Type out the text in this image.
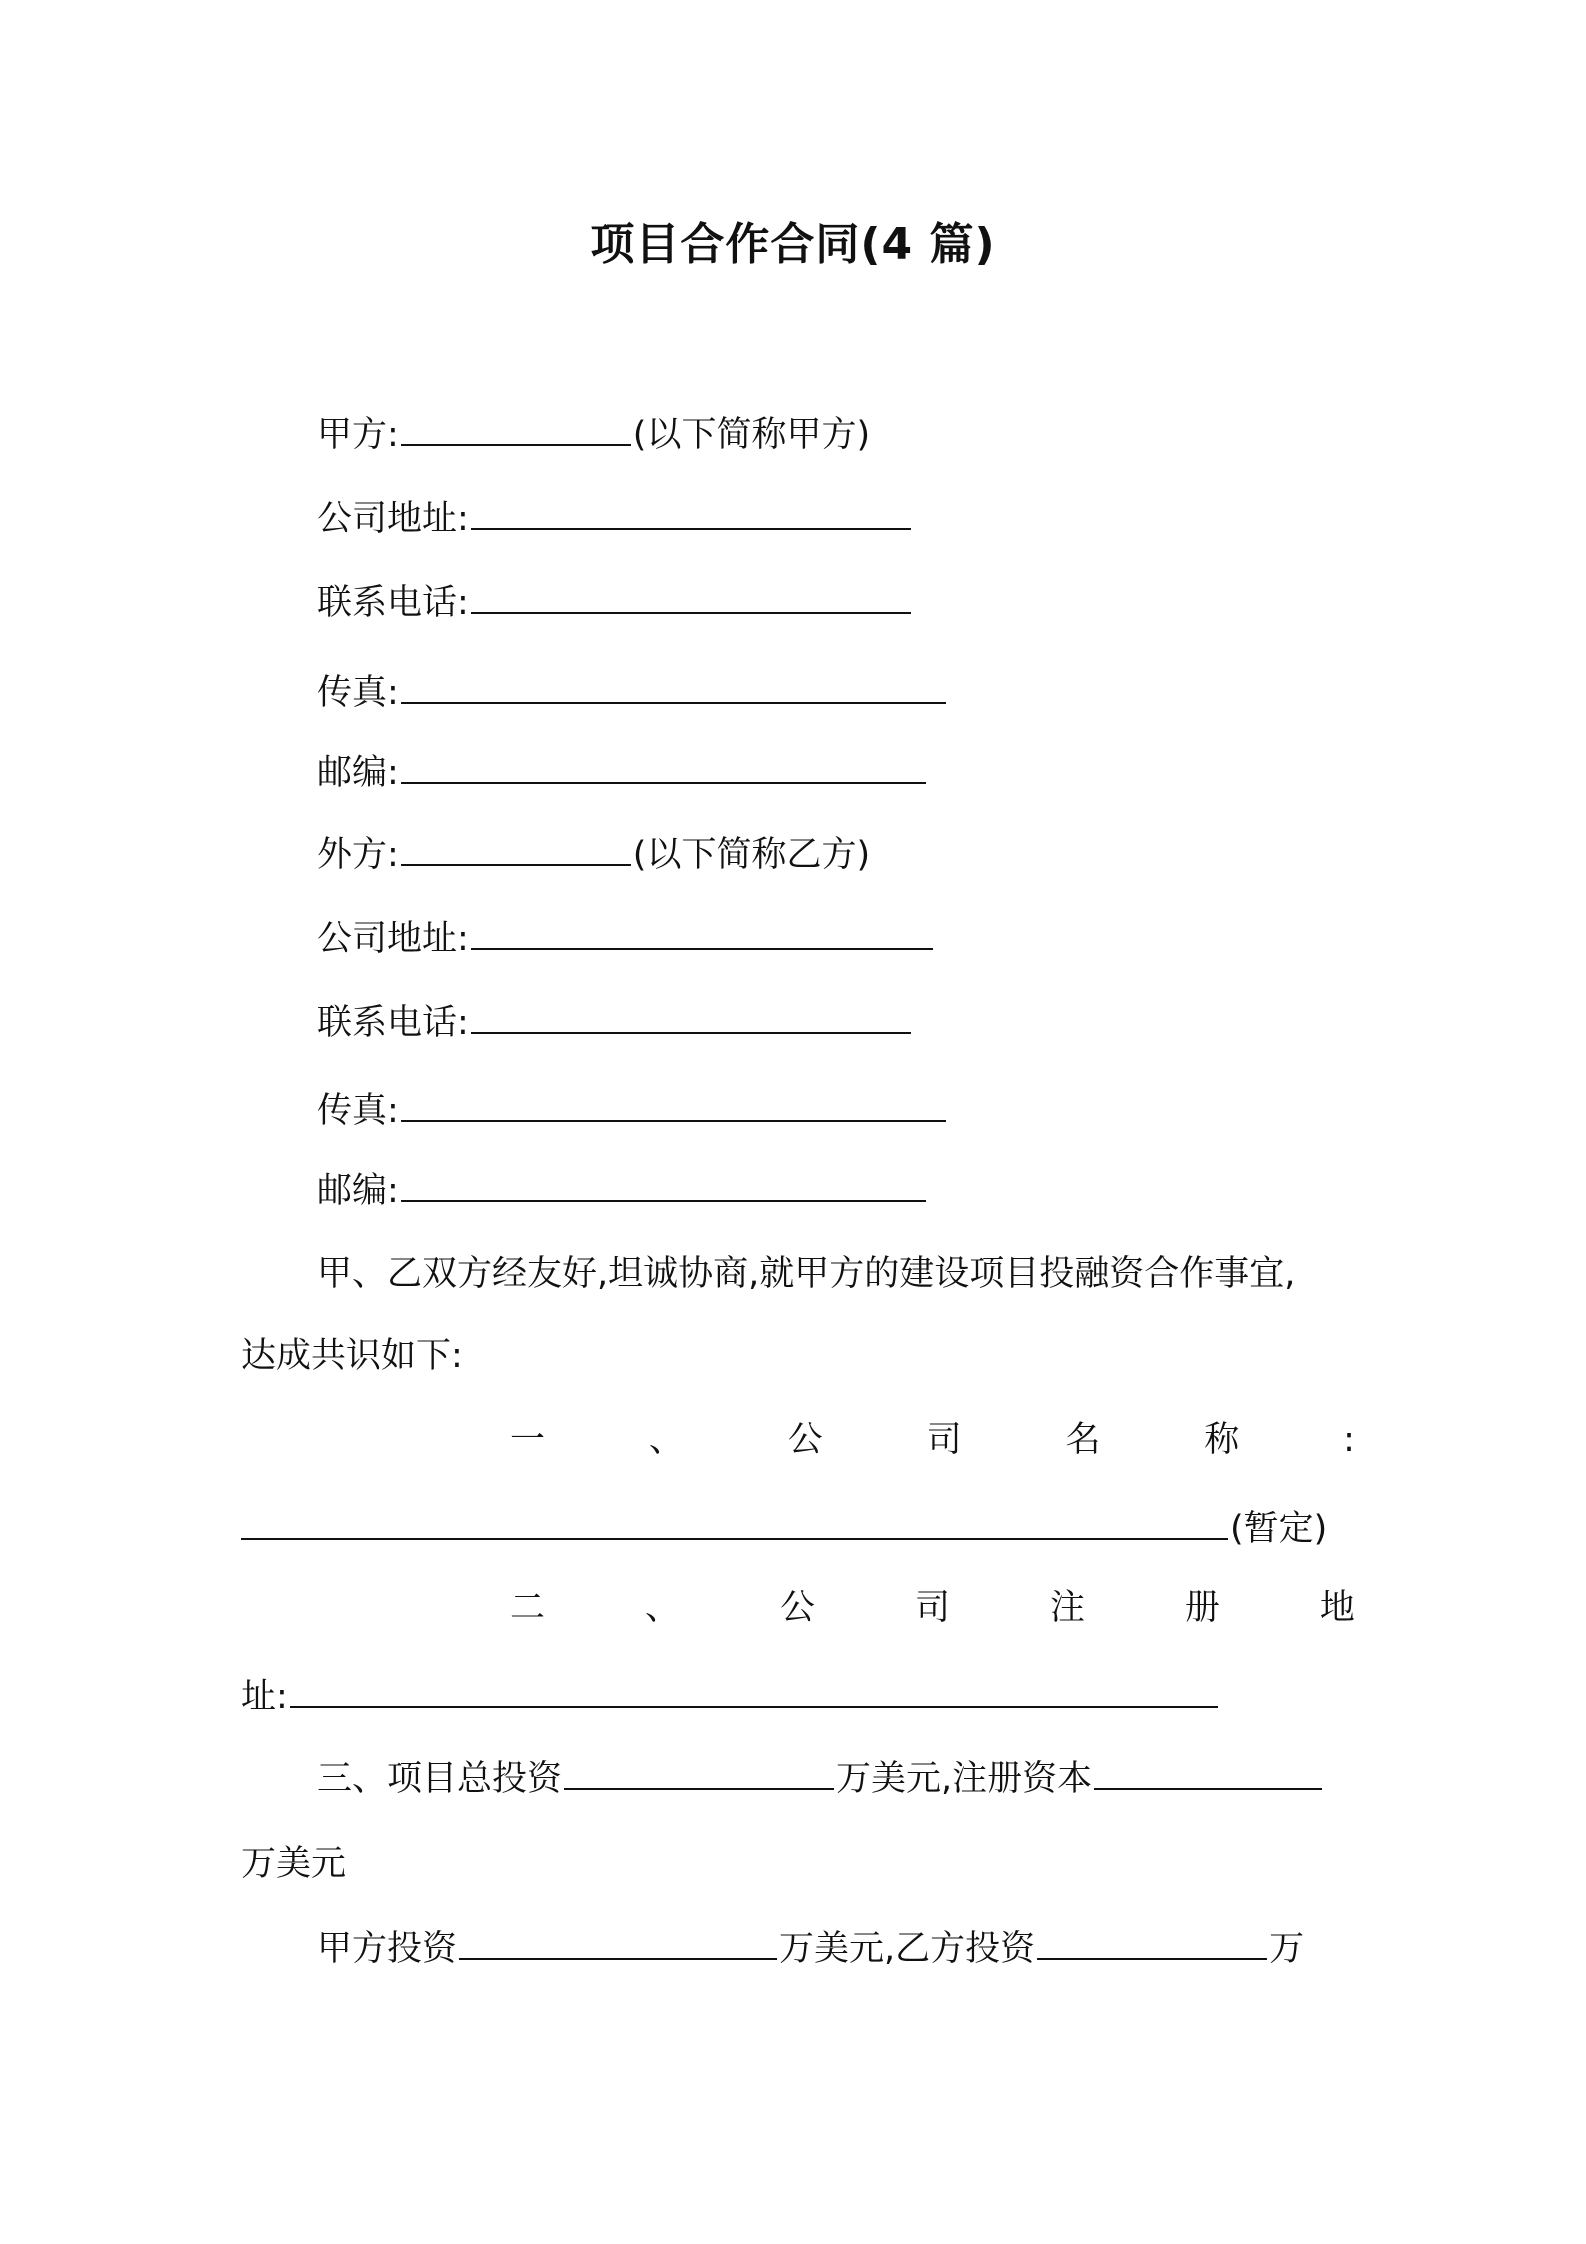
项目合作合同(4 篇)
甲方:	(以下简称甲方)
公司地址:
联系电话:
传真:
邮编:
外方:	(以下简称乙方)
公司地址:
联系电话:
传真:
邮编:
甲、乙双方经友好,坦诚协商,就甲方的建设项目投融资合作事宜,
达成共识如下:
一	、	公	司	名	称	:
(暂定)
二	、	公	司	注	册	地
址:
三、项目总投资	万美元,注册资本
万美元
甲方投资	万美元,乙方投资	万
